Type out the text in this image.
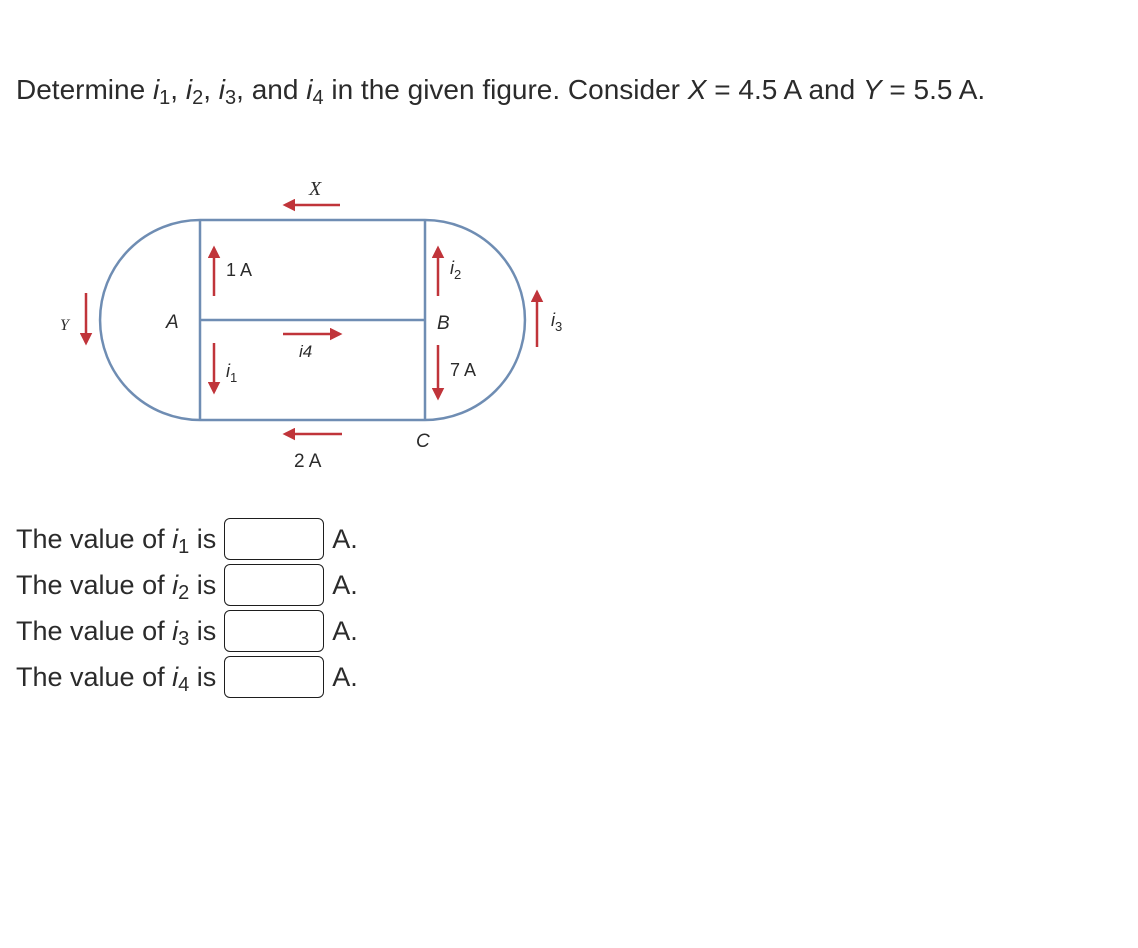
Determine $i_1$, $i_2$, $i_3$, and $i_4$ in the given figure. Consider X = 4.5 A and Y = 5.5 A.
X
1 A	$i_2$
Y	A	B	$i_3$
i4
$i_1$	7 A
C
2 A
The value of $i_1$ is	A.
The value of $i_2$ is	A.
The value of $i_3$ is	A.
The value of $i_4$ is	A.
